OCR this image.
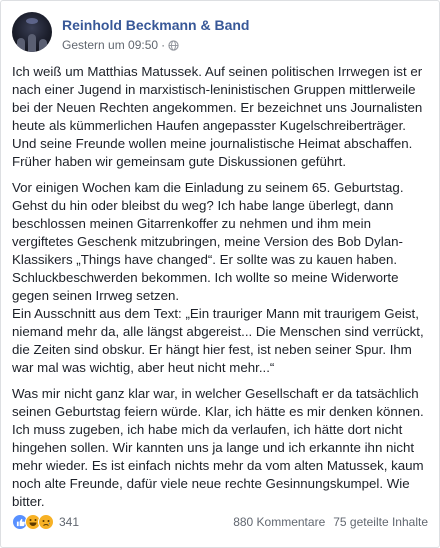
Reinhold Beckmann & Band
Gestern um 09:50 ·

Ich weiß um Matthias Matussek. Auf seinen politischen Irrwegen ist er nach einer Jugend in marxistisch-leninistischen Gruppen mittlerweile bei der Neuen Rechten angekommen. Er bezeichnet uns Journalisten heute als kümmerlichen Haufen angepasster Kugelschreiberträger. Und seine Freunde wollen meine journalistische Heimat abschaffen. Früher haben wir gemeinsam gute Diskussionen geführt.

Vor einigen Wochen kam die Einladung zu seinem 65. Geburtstag. Gehst du hin oder bleibst du weg? Ich habe lange überlegt, dann beschlossen meinen Gitarrenkoffer zu nehmen und ihm mein vergiftetes Geschenk mitzubringen, meine Version des Bob Dylan-Klassikers „Things have changed“. Er sollte was zu kauen haben. Schluckbeschwerden bekommen. Ich wollte so meine Widerworte gegen seinen Irrweg setzen.
Ein Ausschnitt aus dem Text: „Ein trauriger Mann mit traurigem Geist, niemand mehr da, alle längst abgereist... Die Menschen sind verrückt, die Zeiten sind obskur. Er hängt hier fest, ist neben seiner Spur. Ihm war mal was wichtig, aber heut nicht mehr...“

Was mir nicht ganz klar war, in welcher Gesellschaft er da tatsächlich seinen Geburtstag feiern würde. Klar, ich hätte es mir denken können. Ich muss zugeben, ich habe mich da verlaufen, ich hätte dort nicht hingehen sollen. Wir kannten uns ja lange und ich erkannte ihn nicht mehr wieder. Es ist einfach nichts mehr da vom alten Matussek, kaum noch alte Freunde, dafür viele neue rechte Gesinnungskumpel. Wie bitter.

341	880 Kommentare 75 geteilte Inhalte
